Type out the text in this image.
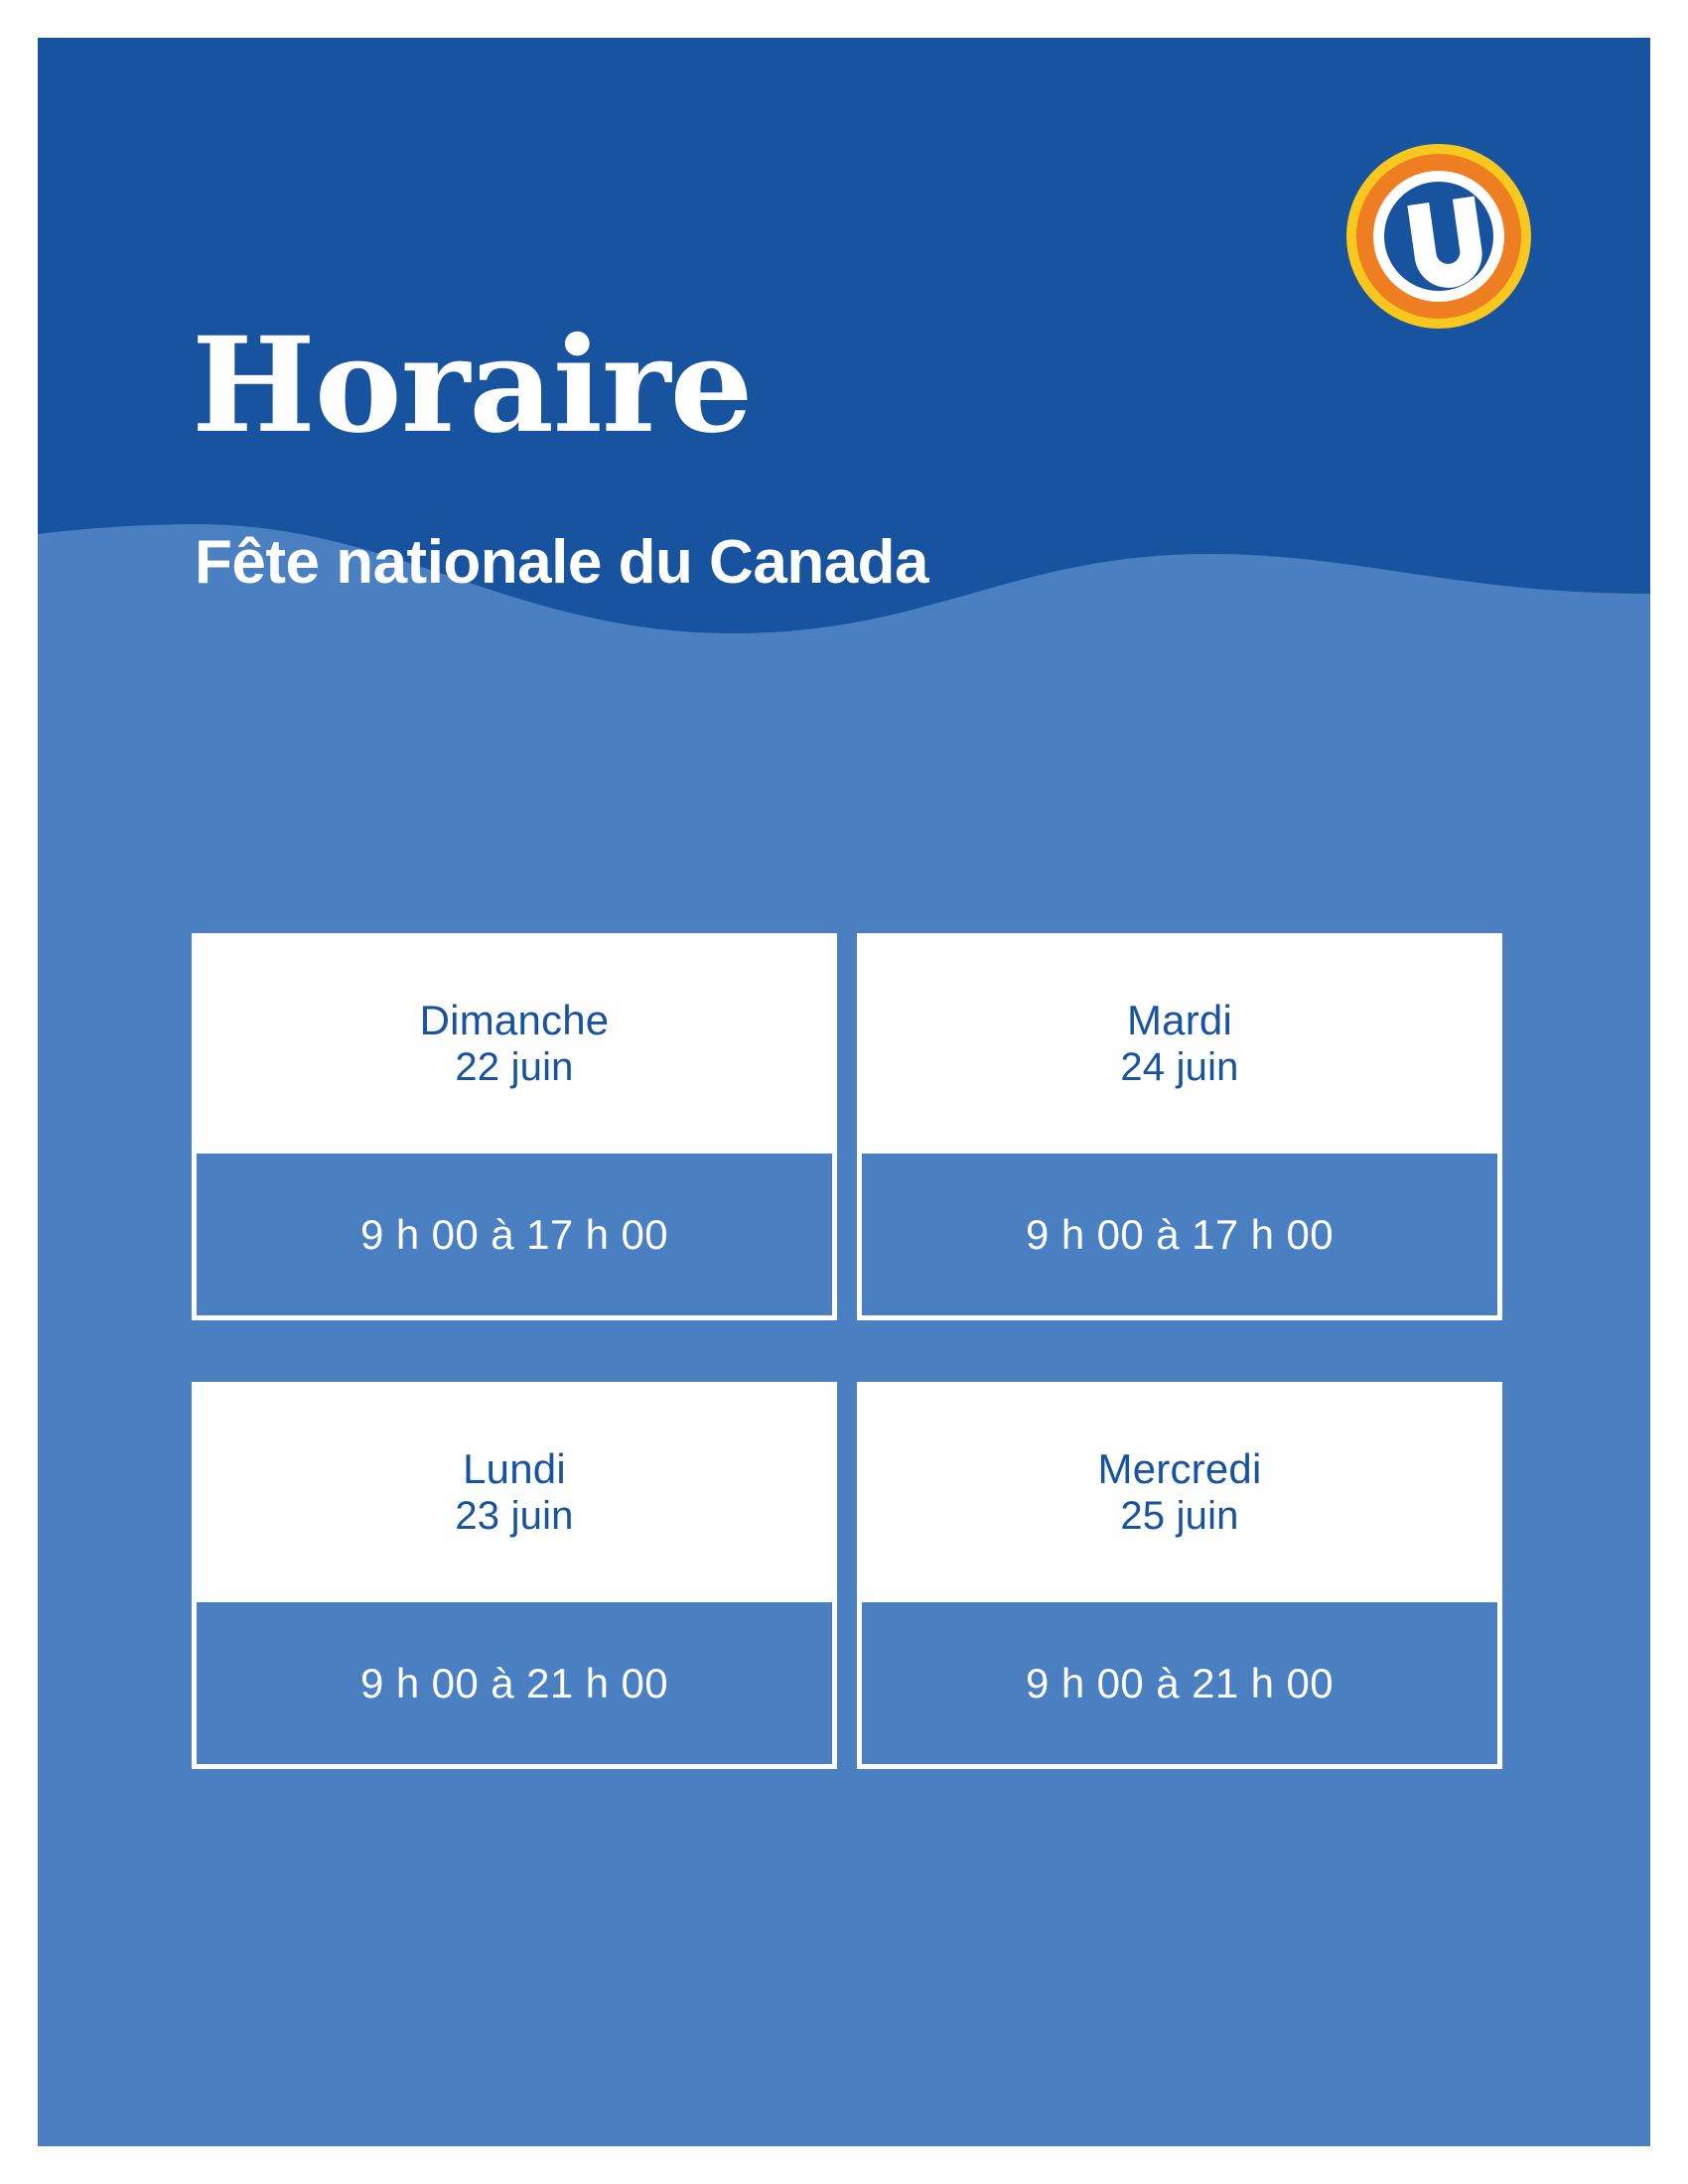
Horaire
Fête nationale du Canada
Dimanche
22 juin
9 h 00 à 17 h 00
Mardi
24 juin
9 h 00 à 17 h 00
Lundi
23 juin
9 h 00 à 21 h 00
Mercredi
25 juin
9 h 00 à 21 h 00
